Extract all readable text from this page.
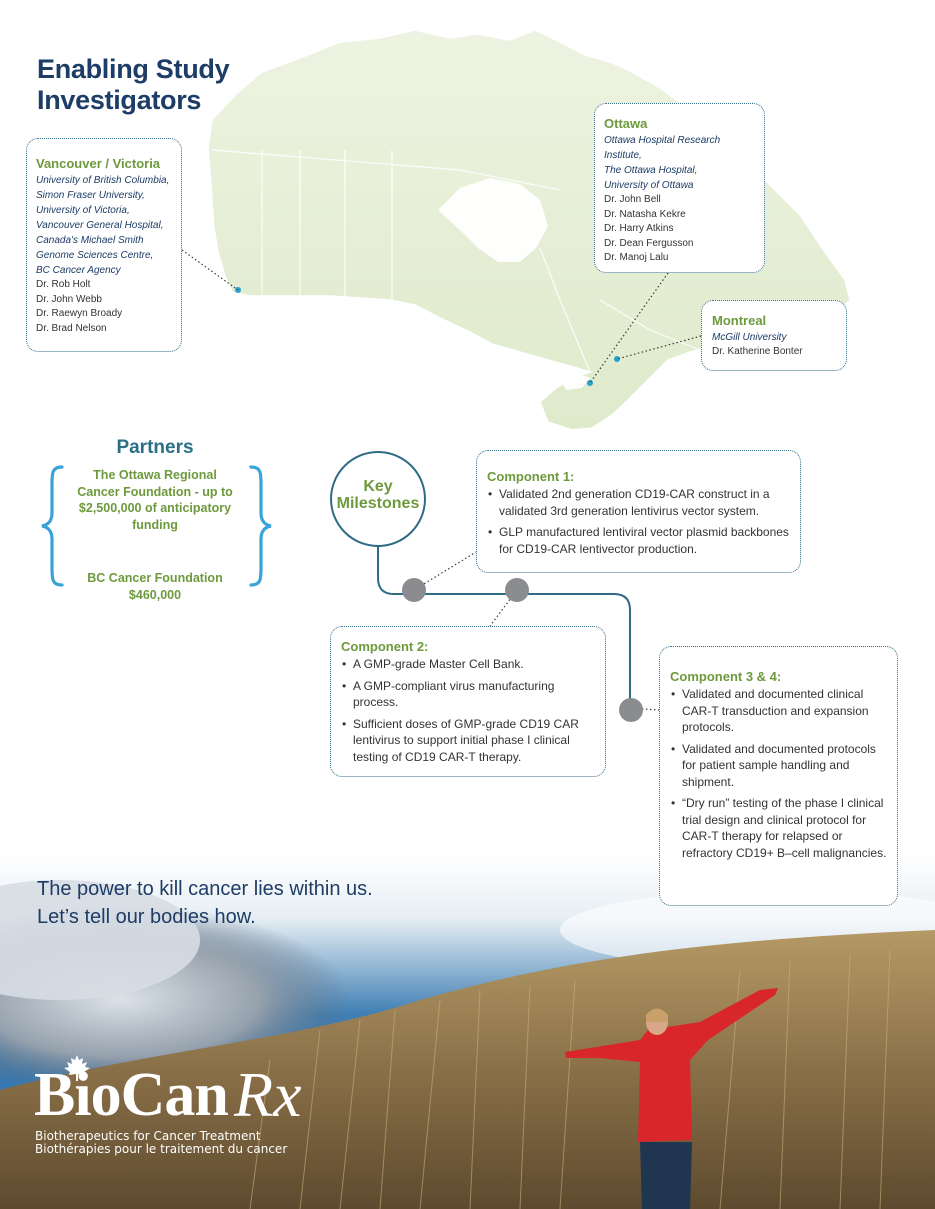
Enabling Study Investigators
Vancouver / Victoria
University of British Columbia,
Simon Fraser University,
University of Victoria,
Vancouver General Hospital,
Canada's Michael Smith
Genome Sciences Centre,
BC Cancer Agency
Dr. Rob Holt
Dr. John Webb
Dr. Raewyn Broady
Dr. Brad Nelson
Ottawa
Ottawa Hospital Research
Institute,
The Ottawa Hospital,
University of Ottawa
Dr. John Bell
Dr. Natasha Kekre
Dr. Harry Atkins
Dr. Dean Fergusson
Dr. Manoj Lalu
Montreal
McGill University
Dr. Katherine Bonter
Partners
The Ottawa Regional Cancer Foundation - up to $2,500,000 of anticipatory funding
BC Cancer Foundation $460,000
Key
Milestones
Component 1:
• Validated 2nd generation CD19-CAR construct in a validated 3rd generation lentivirus vector system.
• GLP manufactured lentiviral vector plasmid backbones for CD19-CAR lentivector production.
Component 2:
• A GMP-grade Master Cell Bank.
• A GMP-compliant virus manufacturing process.
• Sufficient doses of GMP-grade CD19 CAR lentivirus to support initial phase I clinical testing of CD19 CAR-T therapy.
The power to kill cancer lies within us.
Let’s tell our bodies how.
Component 3 & 4:
• Validated and documented clinical CAR-T transduction and expansion protocols.
• Validated and documented protocols for patient sample handling and shipment.
• “Dry run” testing of the phase I clinical trial design and clinical protocol for CAR-T therapy for relapsed or refractory CD19+ B–cell malignancies.
BioCan Rx
Biotherapeutics for Cancer Treatment
Biothérapies pour le traitement du cancer
